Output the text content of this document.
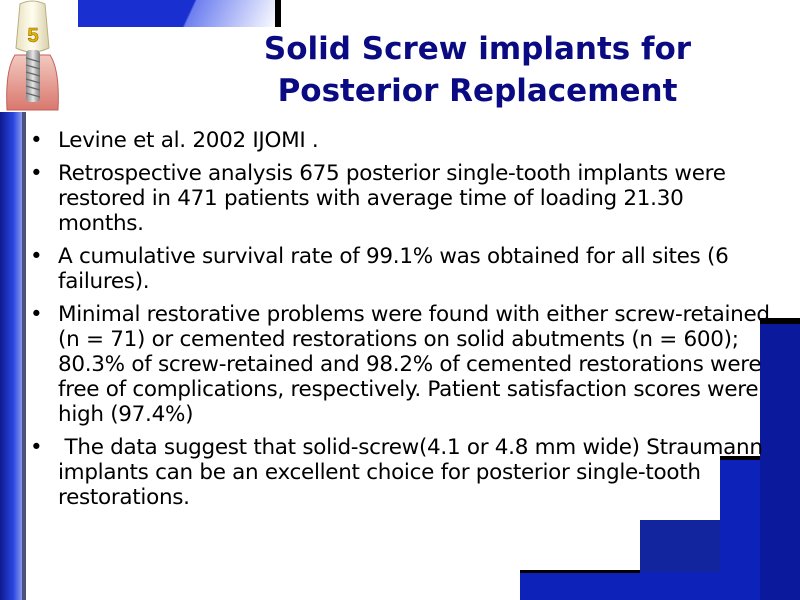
5	Solid Screw implants for
Posterior Replacement
• Levine et al. 2002 IJOMI .
• Retrospective analysis 675 posterior single-tooth implants were restored in 471 patients with average time of loading 21.30 months.
• A cumulative survival rate of 99.1% was obtained for all sites (6 failures).
• Minimal restorative problems were found with either screw-retained (n = 71) or cemented restorations on solid abutments (n = 600); 80.3% of screw-retained and 98.2% of cemented restorations were free of complications, respectively. Patient satisfaction scores were high (97.4%)
• The data suggest that solid-screw(4.1 or 4.8 mm wide) Straumann implants can be an excellent choice for posterior single-tooth restorations.
